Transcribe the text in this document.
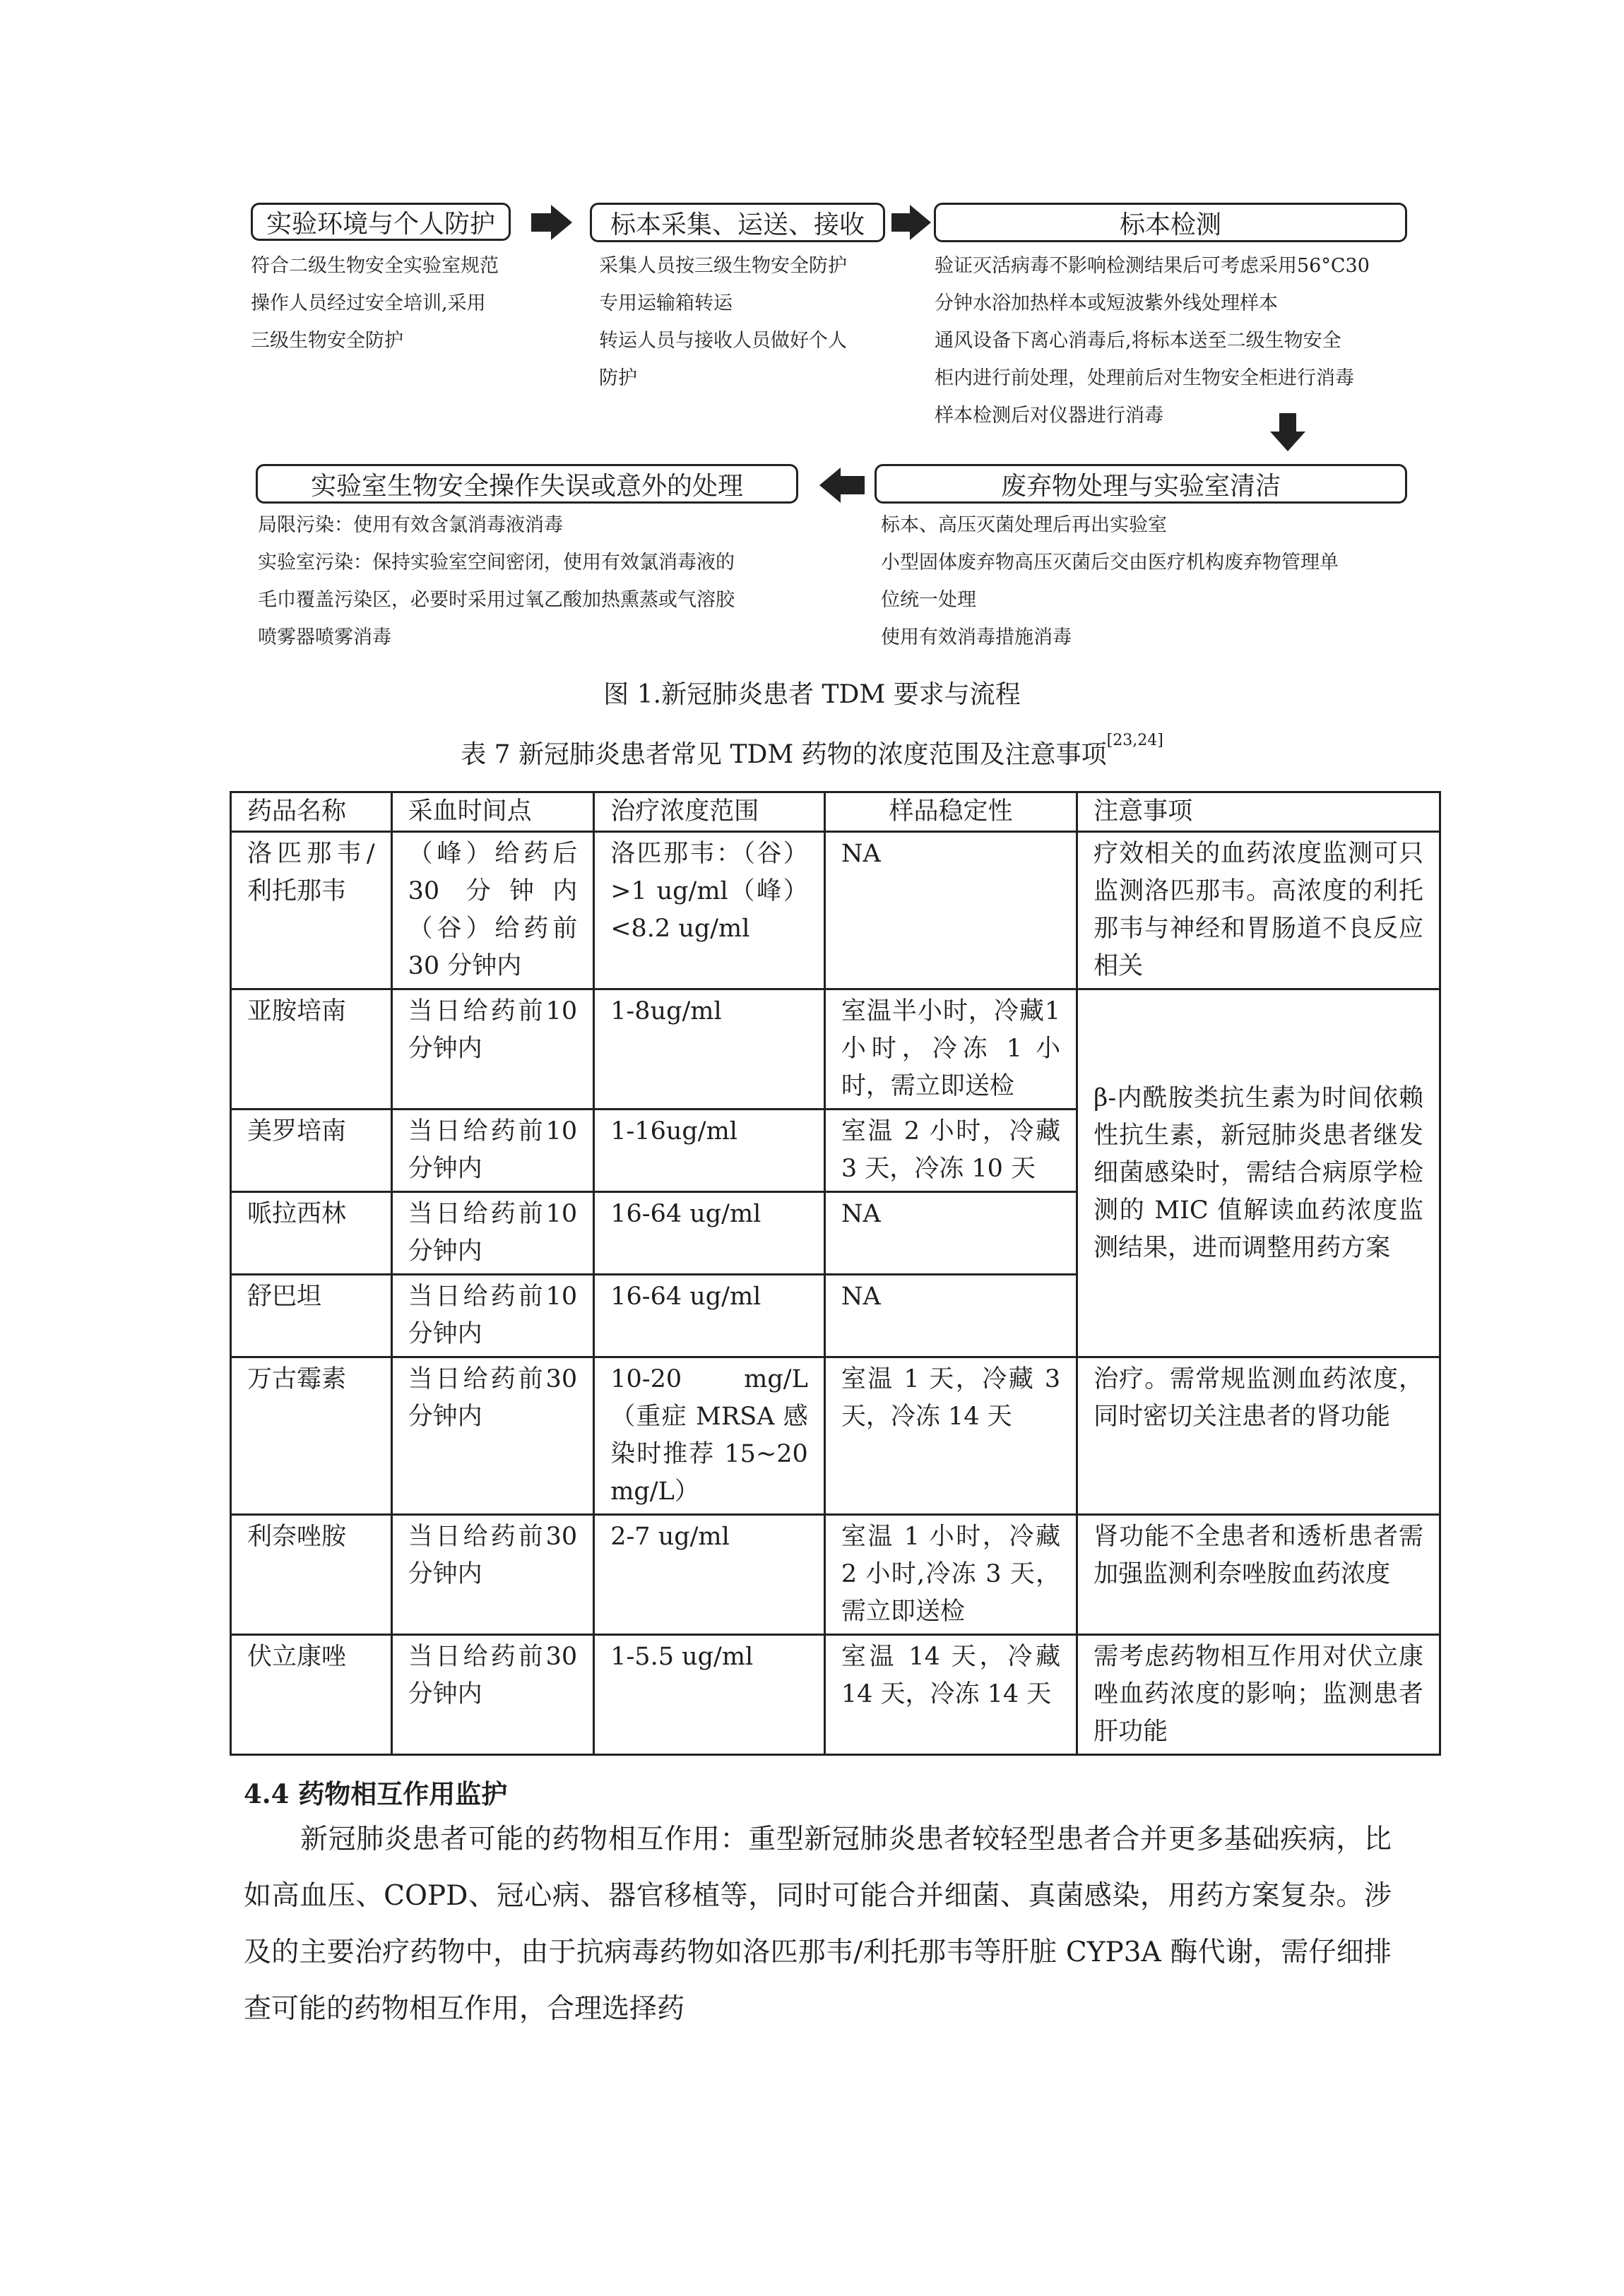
实验环境与个人防护	标本采集、运送、接收	标本检测
符合二级生物安全实验室规范
操作人员经过安全培训,采用
三级生物安全防护
采集人员按三级生物安全防护
专用运输箱转运
转运人员与接收人员做好个人
防护
验证灭活病毒不影响检测结果后可考虑采用56°C30
分钟水浴加热样本或短波紫外线处理样本
通风设备下离心消毒后,将标本送至二级生物安全
柜内进行前处理，处理前后对生物安全柜进行消毒
样本检测后对仪器进行消毒
实验室生物安全操作失误或意外的处理	废弃物处理与实验室清洁
局限污染：使用有效含氯消毒液消毒
实验室污染：保持实验室空间密闭，使用有效氯消毒液的
毛巾覆盖污染区，必要时采用过氧乙酸加热熏蒸或气溶胶
喷雾器喷雾消毒
标本、高压灭菌处理后再出实验室
小型固体废弃物高压灭菌后交由医疗机构废弃物管理单
位统一处理
使用有效消毒措施消毒
图 1.新冠肺炎患者 TDM 要求与流程
表 7 新冠肺炎患者常见 TDM 药物的浓度范围及注意事项[23,24]
药品名称	采血时间点	治疗浓度范围	样品稳定性	注意事项
洛匹那韦/利托那韦	（峰）给药后30 分钟内（谷）给药前30 分钟内	洛匹那韦：（谷）>1 ug/ml（峰）<8.2 ug/ml	NA	疗效相关的血药浓度监测可只监测洛匹那韦。高浓度的利托那韦与神经和胃肠道不良反应相关
亚胺培南	当日给药前10 分钟内	1-8ug/ml	室温半小时，冷藏1 小时，冷冻 1 小时，需立即送检	β-内酰胺类抗生素为时间依赖性抗生素，新冠肺炎患者继发细菌感染时，需结合病原学检测的 MIC 值解读血药浓度监测结果，进而调整用药方案
美罗培南	当日给药前10 分钟内	1-16ug/ml	室温 2 小时，冷藏3 天，冷冻 10 天	
哌拉西林	当日给药前10 分钟内	16-64 ug/ml	NA	
舒巴坦	当日给药前10 分钟内	16-64 ug/ml	NA	
万古霉素	当日给药前30 分钟内	10-20 mg/L （重症 MRSA 感染时推荐 15~20 mg/L）	室温 1 天，冷藏 3 天，冷冻 14 天	治疗。需常规监测血药浓度，同时密切关注患者的肾功能
利奈唑胺	当日给药前30 分钟内	2-7 ug/ml	室温 1 小时，冷藏2 小时,冷冻 3 天，需立即送检	肾功能不全患者和透析患者需加强监测利奈唑胺血药浓度
伏立康唑	当日给药前30 分钟内	1-5.5 ug/ml	室温 14 天，冷藏14 天，冷冻 14 天	需考虑药物相互作用对伏立康唑血药浓度的影响；监测患者肝功能
4.4 药物相互作用监护
新冠肺炎患者可能的药物相互作用：重型新冠肺炎患者较轻型患者合并更多基础疾病，比如高血压、COPD、冠心病、器官移植等，同时可能合并细菌、真菌感染，用药方案复杂。涉及的主要治疗药物中，由于抗病毒药物如洛匹那韦/利托那韦等肝脏 CYP3A 酶代谢，需仔细排查可能的药物相互作用，合理选择药
